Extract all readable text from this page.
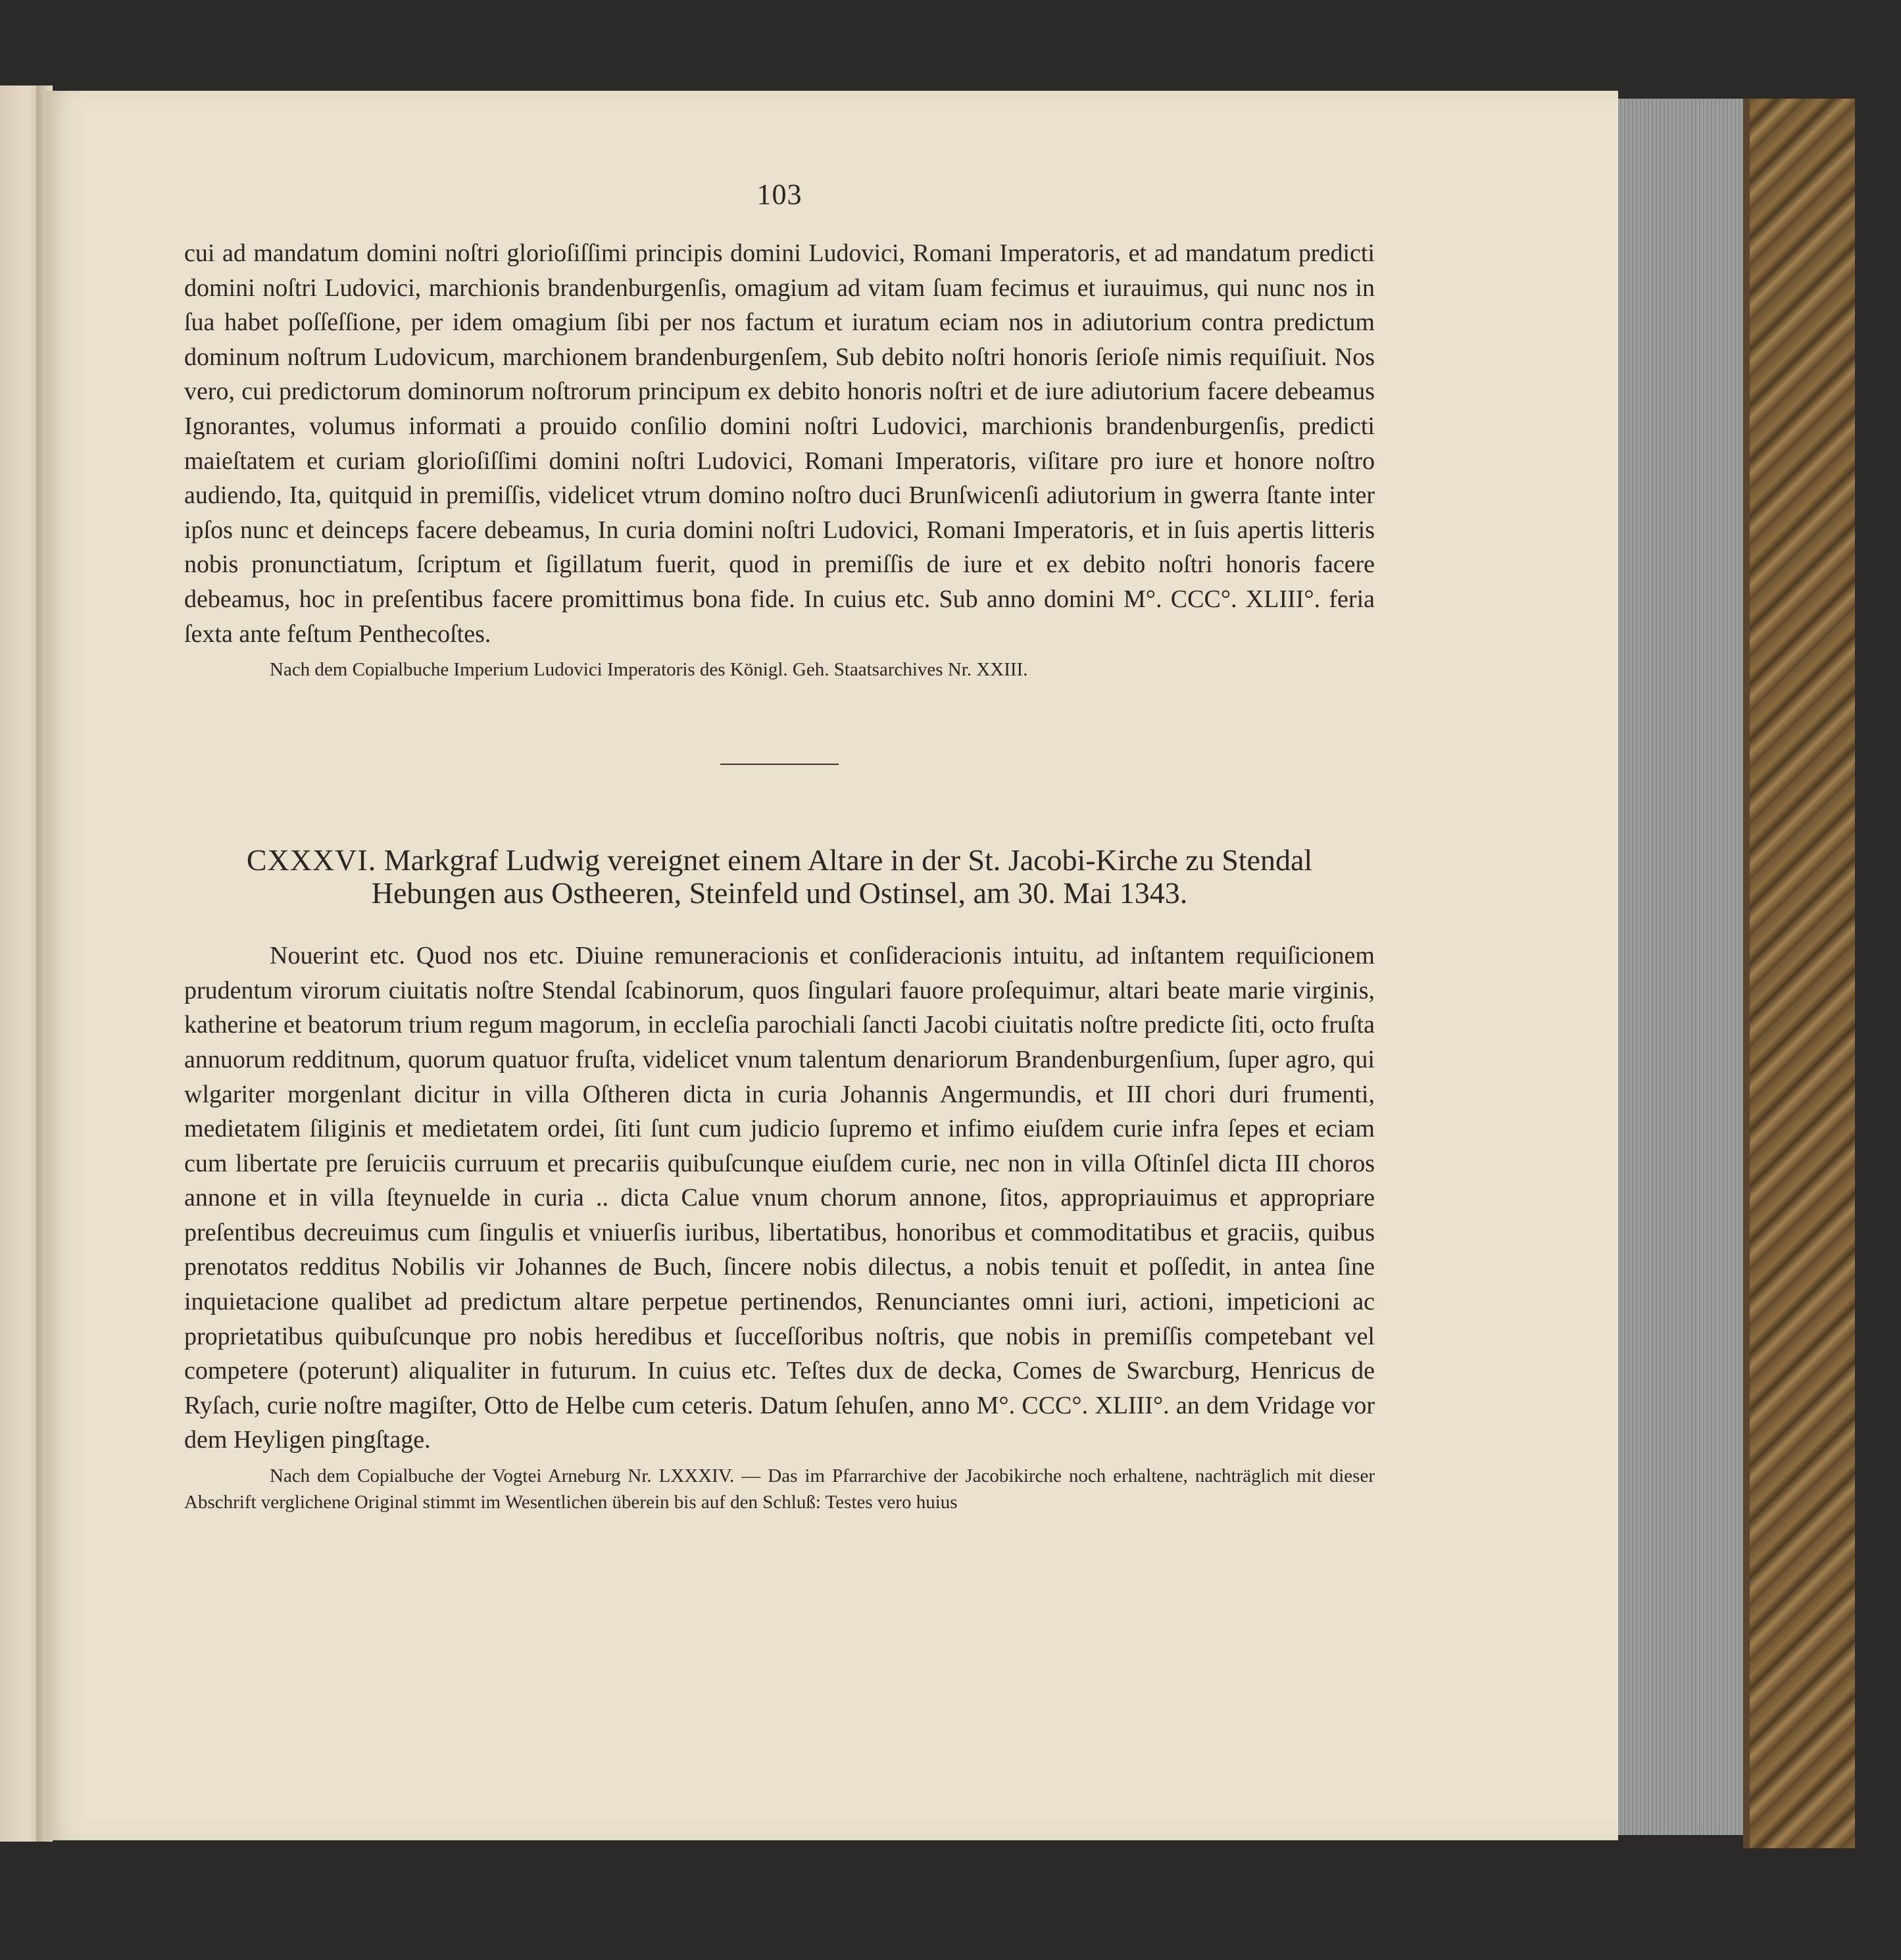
103

cui ad mandatum domini noſtri glorioſiſſimi principis domini Ludovici, Romani Imperatoris, et ad mandatum predicti domini noſtri Ludovici, marchionis brandenburgenſis, omagium ad vitam ſuam fecimus et iurauimus, qui nunc nos in ſua habet poſſeſſione, per idem omagium ſibi per nos factum et iuratum eciam nos in adiutorium contra predictum dominum noſtrum Ludovicum, marchionem brandenburgenſem, Sub debito noſtri honoris ſerioſe nimis requiſiuit. Nos vero, cui predictorum dominorum noſtrorum principum ex debito honoris noſtri et de iure adiutorium facere debeamus Ignorantes, volumus informati a prouido conſilio domini noſtri Ludovici, marchionis brandenburgenſis, predicti maieſtatem et curiam glorioſiſſimi domini noſtri Ludovici, Romani Imperatoris, viſitare pro iure et honore noſtro audiendo, Ita, quitquid in premiſſis, videlicet vtrum domino noſtro duci Brunſwicenſi adiutorium in gwerra ſtante inter ipſos nunc et deinceps facere debeamus, In curia domini noſtri Ludovici, Romani Imperatoris, et in ſuis apertis litteris nobis pronunctiatum, ſcriptum et ſigillatum fuerit, quod in premiſſis de iure et ex debito noſtri honoris facere debeamus, hoc in preſentibus facere promittimus bona fide. In cuius etc. Sub anno domini M°. CCC°. XLIII°. feria ſexta ante feſtum Penthecoſtes.

Nach dem Copialbuche Imperium Ludovici Imperatoris des Königl. Geh. Staatsarchives Nr. XXIII.

CXXXVI. Markgraf Ludwig vereignet einem Altare in der St. Jacobi-Kirche zu Stendal Hebungen aus Ostheeren, Steinfeld und Ostinsel, am 30. Mai 1343.

Nouerint etc. Quod nos etc. Diuine remuneracionis et conſideracionis intuitu, ad inſtantem requiſicionem prudentum virorum ciuitatis noſtre Stendal ſcabinorum, quos ſingulari fauore proſequimur, altari beate marie virginis, katherine et beatorum trium regum magorum, in eccleſia parochiali ſancti Jacobi ciuitatis noſtre predicte ſiti, octo fruſta annuorum redditnum, quorum quatuor fruſta, videlicet vnum talentum denariorum Brandenburgenſium, ſuper agro, qui wlgariter morgenlant dicitur in villa Oſtheren dicta in curia Johannis Angermundis, et III chori duri frumenti, medietatem ſiliginis et medietatem ordei, ſiti ſunt cum judicio ſupremo et infimo eiuſdem curie infra ſepes et eciam cum libertate pre ſeruiciis curruum et precariis quibuſcunque eiuſdem curie, nec non in villa Oſtinſel dicta III choros annone et in villa ſteynuelde in curia .. dicta Calue vnum chorum annone, ſitos, appropriauimus et appropriare preſentibus decreuimus cum ſingulis et vniuerſis iuribus, libertatibus, honoribus et commoditatibus et graciis, quibus prenotatos redditus Nobilis vir Johannes de Buch, ſincere nobis dilectus, a nobis tenuit et poſſedit, in antea ſine inquietacione qualibet ad predictum altare perpetue pertinendos, Renunciantes omni iuri, actioni, impeticioni ac proprietatibus quibuſcunque pro nobis heredibus et ſucceſſoribus noſtris, que nobis in premiſſis competebant vel competere (poterunt) aliqualiter in futurum. In cuius etc. Teſtes dux de decka, Comes de Swarcburg, Henricus de Ryſach, curie noſtre magiſter, Otto de Helbe cum ceteris. Datum ſehuſen, anno M°. CCC°. XLIII°. an dem Vridage vor dem Heyligen pingſtage.

Nach dem Copialbuche der Vogtei Arneburg Nr. LXXXIV. — Das im Pfarrarchive der Jacobikirche noch erhaltene, nachträglich mit dieser Abschrift verglichene Original stimmt im Wesentlichen überein bis auf den Schluß: Testes vero huius
